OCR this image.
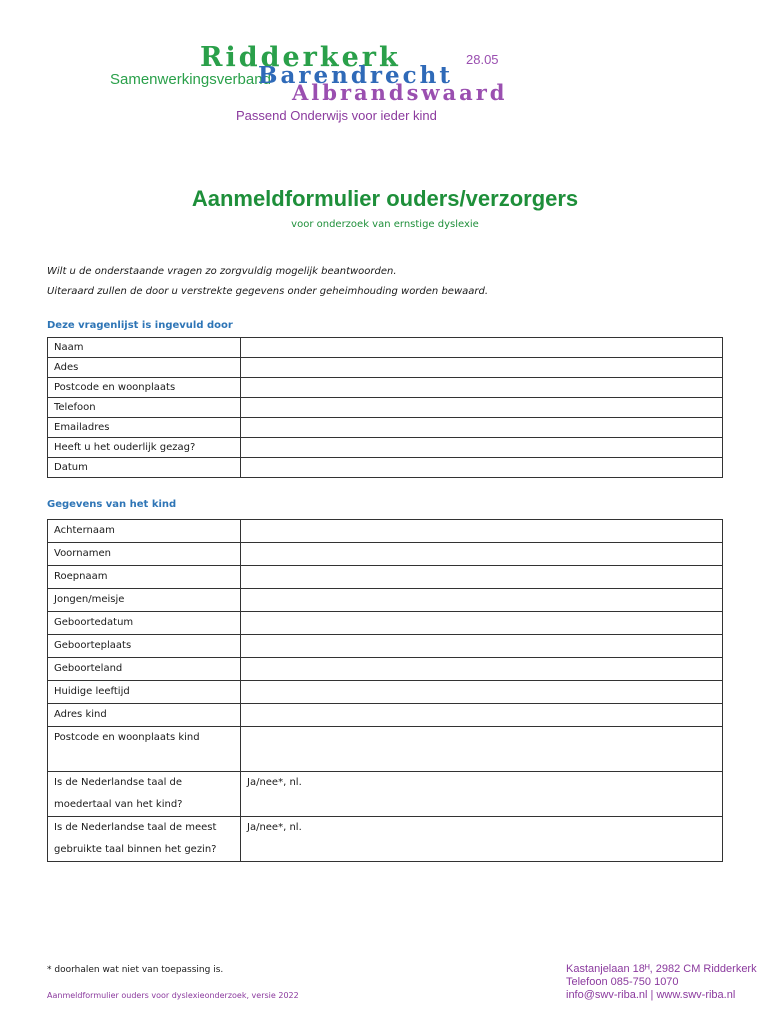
Samenwerkingsverband
Ridderkerk	28.05
Barendrecht
Albrandswaard
Passend Onderwijs voor ieder kind
Aanmeldformulier ouders/verzorgers
voor onderzoek van ernstige dyslexie
Wilt u de onderstaande vragen zo zorgvuldig mogelijk beantwoorden.
Uiteraard zullen de door u verstrekte gegevens onder geheimhouding worden bewaard.
Deze vragenlijst is ingevuld door
Naam	
Ades	
Postcode en woonplaats	
Telefoon	
Emailadres	
Heeft u het ouderlijk gezag?	
Datum	
Gegevens van het kind
Achternaam	
Voornamen	
Roepnaam	
Jongen/meisje	
Geboortedatum	
Geboorteplaats	
Geboorteland	
Huidige leeftijd	
Adres kind	
Postcode en woonplaats kind	

Is de Nederlandse taal de
moedertaal van het kind?	Ja/nee*, nl.

Is de Nederlandse taal de meest
gebruikte taal binnen het gezin?	Ja/nee*, nl.
* doorhalen wat niet van toepassing is.
Aanmeldformulier ouders voor dyslexieonderzoek, versie 2022
Kastanjelaan 18ᴴ, 2982 CM Ridderkerk
Telefoon 085-750 1070
info@swv-riba.nl | www.swv-riba.nl
